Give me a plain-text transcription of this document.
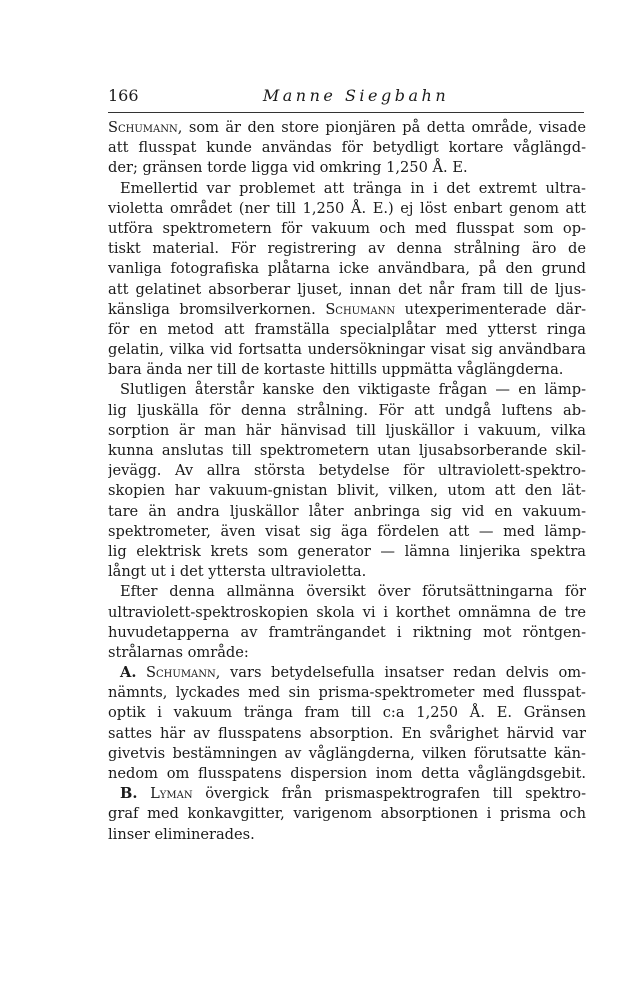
166	Manne Siegbahn
Schumann, som är den store pionjären på detta område, visade
att flusspat kunde användas för betydligt kortare våglängd-
der; gränsen torde ligga vid omkring 1,250 Å. E.
Emellertid var problemet att tränga in i det extremt ultra-
violetta området (ner till 1,250 Å. E.) ej löst enbart genom att
utföra spektrometern för vakuum och med flusspat som op-
tiskt material. För registrering av denna strålning äro de
vanliga fotografiska plåtarna icke användbara, på den grund
att gelatinet absorberar ljuset, innan det når fram till de ljus-
känsliga bromsilverkornen. Schumann utexperimenterade där-
för en metod att framställa specialplåtar med ytterst ringa
gelatin, vilka vid fortsatta undersökningar visat sig användbara
bara ända ner till de kortaste hittills uppmätta våglängderna.
Slutligen återstår kanske den viktigaste frågan — en lämp-
lig ljuskälla för denna strålning. För att undgå luftens ab-
sorption är man här hänvisad till ljuskällor i vakuum, vilka
kunna anslutas till spektrometern utan ljusabsorberande skil-
jevägg. Av allra största betydelse för ultraviolett-spektro-
skopien har vakuum-gnistan blivit, vilken, utom att den lät-
tare än andra ljuskällor låter anbringa sig vid en vakuum-
spektrometer, även visat sig äga fördelen att — med lämp-
lig elektrisk krets som generator — lämna linjerika spektra
långt ut i det yttersta ultravioletta.
Efter denna allmänna översikt över förutsättningarna för
ultraviolett-spektroskopien skola vi i korthet omnämna de tre
huvudetapperna av framträngandet i riktning mot röntgen-
strålarnas område:
A. Schumann, vars betydelsefulla insatser redan delvis om-
nämnts, lyckades med sin prisma-spektrometer med flusspat-
optik i vakuum tränga fram till c:a 1,250 Å. E. Gränsen
sattes här av flusspatens absorption. En svårighet härvid var
givetvis bestämningen av våglängderna, vilken förutsatte kän-
nedom om flusspatens dispersion inom detta våglängdsgebit.
B. Lyman övergick från prismaspektrografen till spektro-
graf med konkavgitter, varigenom absorptionen i prisma och
linser eliminerades.
